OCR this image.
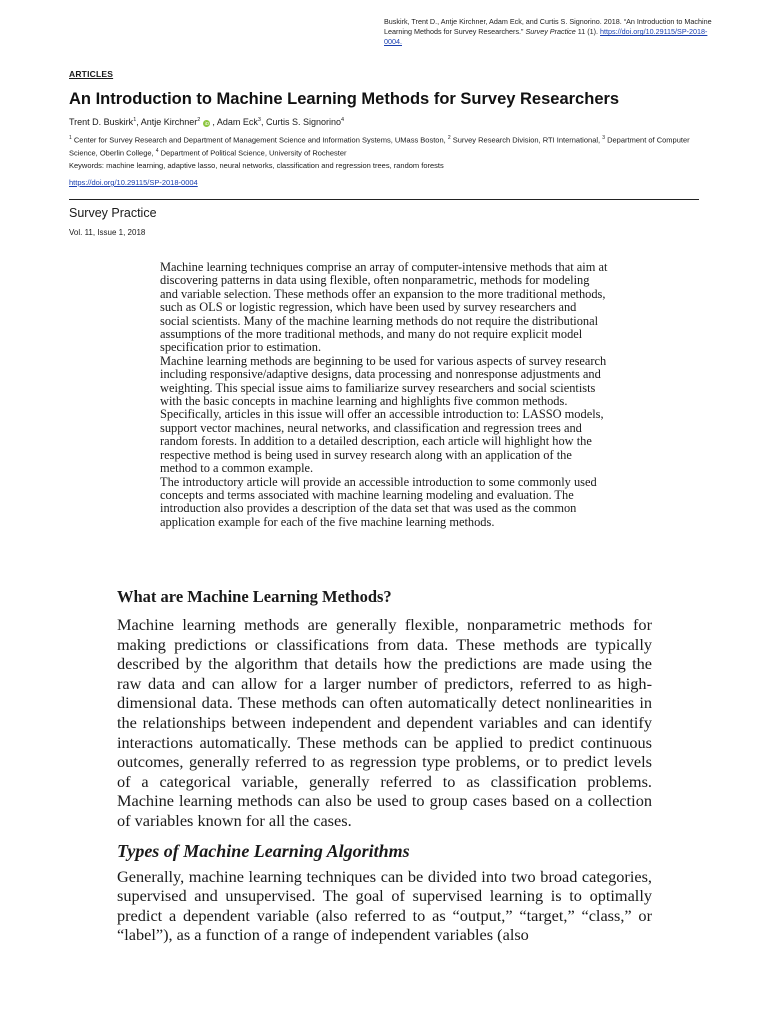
Buskirk, Trent D., Antje Kirchner, Adam Eck, and Curtis S. Signorino. 2018. “An Introduction to Machine Learning Methods for Survey Researchers.” Survey Practice 11 (1). https://doi.org/10.29115/SP-2018-0004.
ARTICLES
An Introduction to Machine Learning Methods for Survey Researchers
Trent D. Buskirk$^1$, Antje Kirchner$^2$iD , Adam Eck$^3$, Curtis S. Signorino$^4$
$^1$ Center for Survey Research and Department of Management Science and Information Systems, UMass Boston, $^2$ Survey Research Division, RTI International, $^3$ Department of Computer Science, Oberlin College, $^4$ Department of Political Science, University of Rochester
Keywords: machine learning, adaptive lasso, neural networks, classification and regression trees, random forests
https://doi.org/10.29115/SP-2018-0004
Survey Practice
Vol. 11, Issue 1, 2018

Machine learning techniques comprise an array of computer-intensive methods that aim at discovering patterns in data using flexible, often nonparametric, methods for modeling and variable selection. These methods offer an expansion to the more traditional methods, such as OLS or logistic regression, which have been used by survey researchers and social scientists. Many of the machine learning methods do not require the distributional assumptions of the more traditional methods, and many do not require explicit model specification prior to estimation.

Machine learning methods are beginning to be used for various aspects of survey research including responsive/adaptive designs, data processing and nonresponse adjustments and weighting. This special issue aims to familiarize survey researchers and social scientists with the basic concepts in machine learning and highlights five common methods. Specifically, articles in this issue will offer an accessible introduction to: LASSO models, support vector machines, neural networks, and classification and regression trees and random forests. In addition to a detailed description, each article will highlight how the respective method is being used in survey research along with an application of the method to a common example.

The introductory article will provide an accessible introduction to some commonly used concepts and terms associated with machine learning modeling and evaluation. The introduction also provides a description of the data set that was used as the common application example for each of the five machine learning methods.

What are Machine Learning Methods?

Machine learning methods are generally flexible, nonparametric methods for making predictions or classifications from data. These methods are typically described by the algorithm that details how the predictions are made using the raw data and can allow for a larger number of predictors, referred to as high-dimensional data. These methods can often automatically detect nonlinearities in the relationships between independent and dependent variables and can identify interactions automatically. These methods can be applied to predict continuous outcomes, generally referred to as regression type problems, or to predict levels of a categorical variable, generally referred to as classification problems. Machine learning methods can also be used to group cases based on a collection of variables known for all the cases.

Types of Machine Learning Algorithms

Generally, machine learning techniques can be divided into two broad categories, supervised and unsupervised. The goal of supervised learning is to optimally predict a dependent variable (also referred to as “output,” “target,” “class,” or “label”), as a function of a range of independent variables (also
